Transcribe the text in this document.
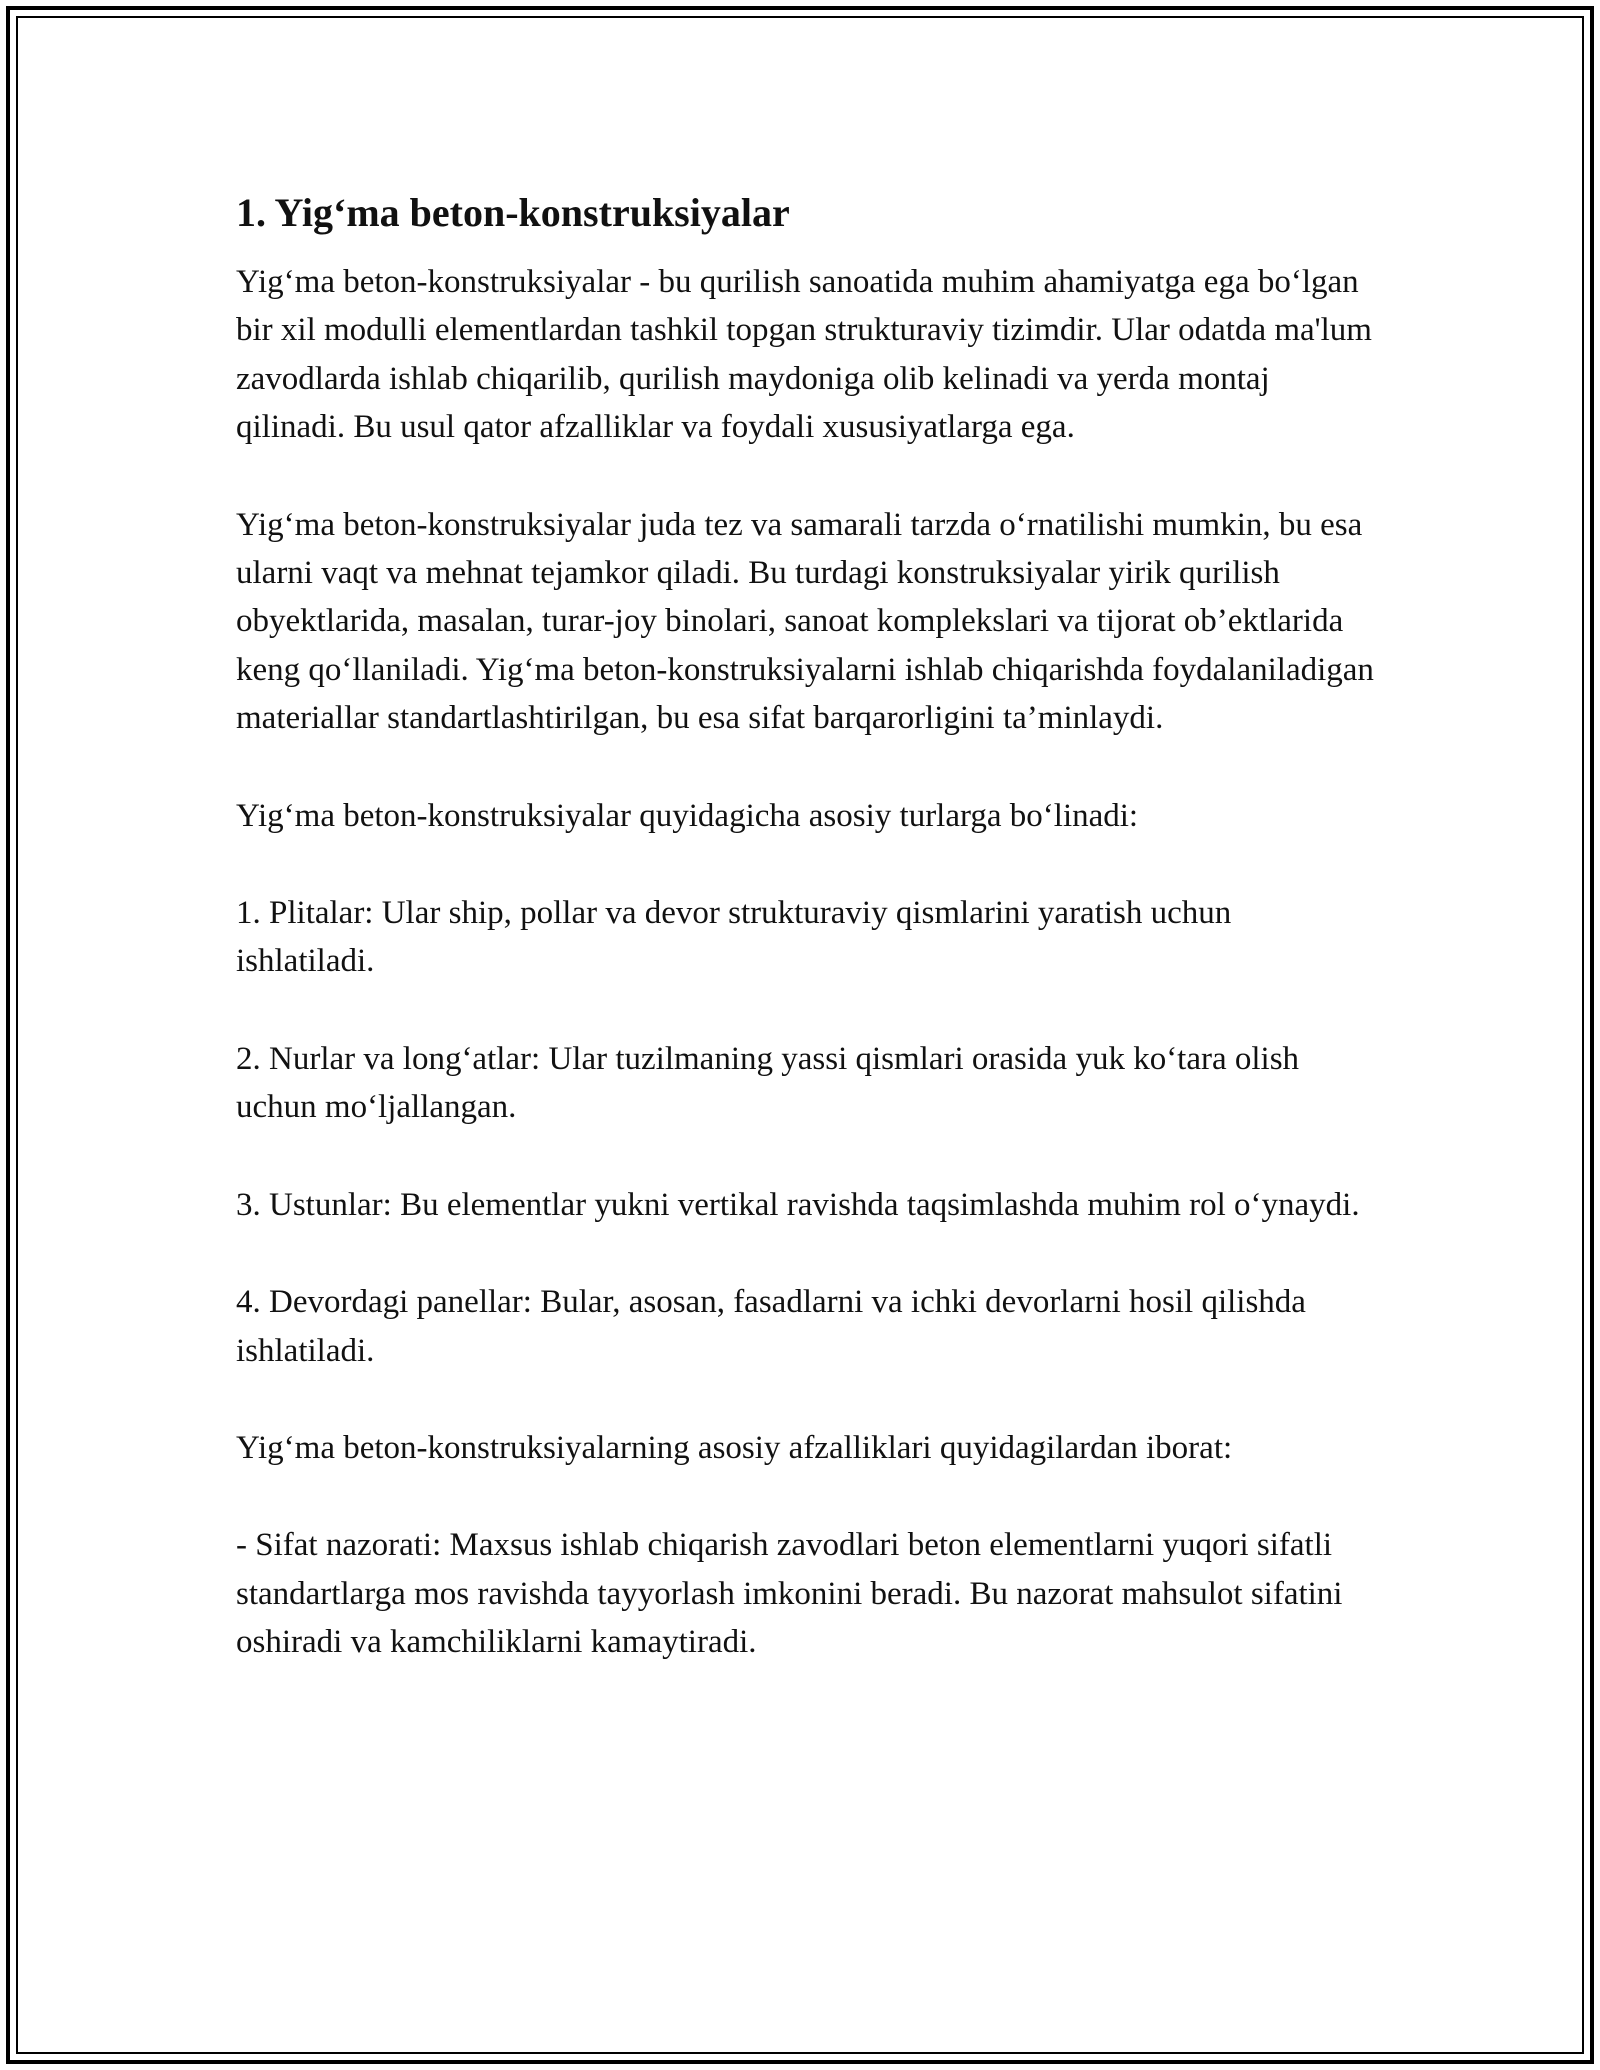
1. Yig‘ma beton-konstruksiyalar

Yig‘ma beton-konstruksiyalar - bu qurilish sanoatida muhim ahamiyatga ega bo‘lgan bir xil modulli elementlardan tashkil topgan strukturaviy tizimdir. Ular odatda ma'lum zavodlarda ishlab chiqarilib, qurilish maydoniga olib kelinadi va yerda montaj qilinadi. Bu usul qator afzalliklar va foydali xususiyatlarga ega.

Yig‘ma beton-konstruksiyalar juda tez va samarali tarzda o‘rnatilishi mumkin, bu esa ularni vaqt va mehnat tejamkor qiladi. Bu turdagi konstruksiyalar yirik qurilish obyektlarida, masalan, turar-joy binolari, sanoat komplekslari va tijorat ob’ektlarida keng qo‘llaniladi. Yig‘ma beton-konstruksiyalarni ishlab chiqarishda foydalaniladigan materiallar standartlashtirilgan, bu esa sifat barqarorligini ta’minlaydi.

Yig‘ma beton-konstruksiyalar quyidagicha asosiy turlarga bo‘linadi:

1. Plitalar: Ular ship, pollar va devor strukturaviy qismlarini yaratish uchun ishlatiladi.

2. Nurlar va long‘atlar: Ular tuzilmaning yassi qismlari orasida yuk ko‘tara olish uchun mo‘ljallangan.

3. Ustunlar: Bu elementlar yukni vertikal ravishda taqsimlashda muhim rol o‘ynaydi.

4. Devordagi panellar: Bular, asosan, fasadlarni va ichki devorlarni hosil qilishda ishlatiladi.

Yig‘ma beton-konstruksiyalarning asosiy afzalliklari quyidagilardan iborat:

- Sifat nazorati: Maxsus ishlab chiqarish zavodlari beton elementlarni yuqori sifatli standartlarga mos ravishda tayyorlash imkonini beradi. Bu nazorat mahsulot sifatini oshiradi va kamchiliklarni kamaytiradi.
